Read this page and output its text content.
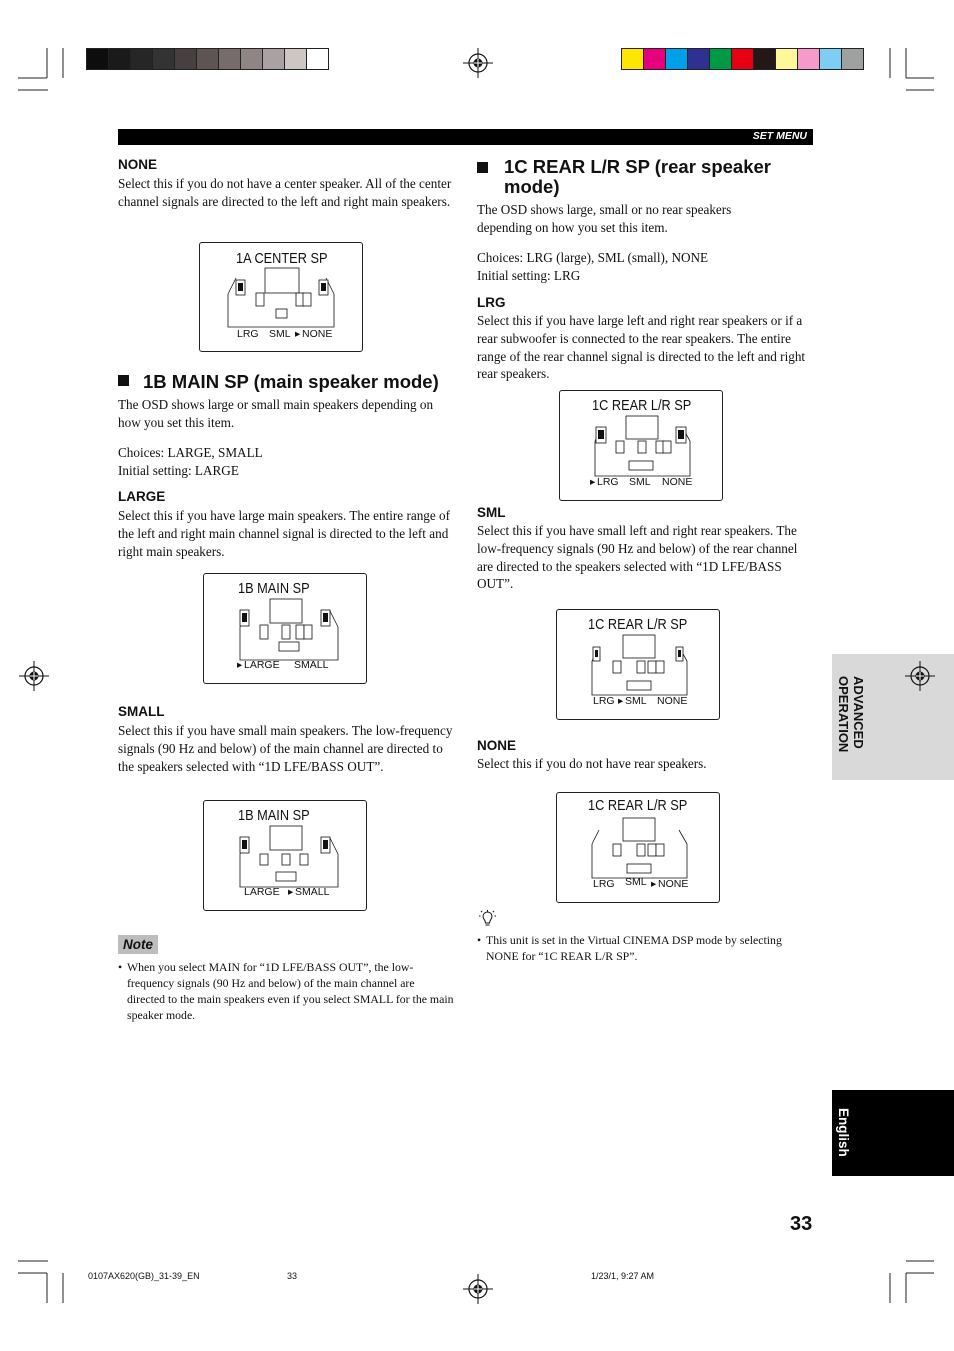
SET MENU
NONE
Select this if you do not have a center speaker. All of the center channel signals are directed to the left and right main speakers.
1A CENTER SP
LRG SML ▸ NONE
1B MAIN SP (main speaker mode)
The OSD shows large or small main speakers depending on how you set this item.
Choices: LARGE, SMALL
Initial setting: LARGE
LARGE
Select this if you have large main speakers. The entire range of the left and right main channel signal is directed to the left and right main speakers.
1B MAIN SP
▸ LARGE SMALL
SMALL
Select this if you have small main speakers. The low-frequency signals (90 Hz and below) of the main channel are directed to the speakers selected with “1D LFE/BASS OUT”.
1B MAIN SP
LARGE ▸ SMALL
Note
• When you select MAIN for “1D LFE/BASS OUT”, the low-frequency signals (90 Hz and below) of the main channel are directed to the main speakers even if you select SMALL for the main speaker mode.
1C REAR L/R SP (rear speaker mode)
The OSD shows large, small or no rear speakers depending on how you set this item.
Choices: LRG (large), SML (small), NONE
Initial setting: LRG
LRG
Select this if you have large left and right rear speakers or if a rear subwoofer is connected to the rear speakers. The entire range of the rear channel signal is directed to the left and right rear speakers.
1C REAR L/R SP
▸ LRG SML NONE
SML
Select this if you have small left and right rear speakers. The low-frequency signals (90 Hz and below) of the rear channel are directed to the speakers selected with “1D LFE/BASS OUT”.
1C REAR L/R SP
LRG ▸ SML NONE
NONE
Select this if you do not have rear speakers.
1C REAR L/R SP
LRG SML ▸ NONE
• This unit is set in the Virtual CINEMA DSP mode by selecting NONE for “1C REAR L/R SP”.
ADVANCED OPERATION
English
33
0107AX620(GB)_31-39_EN	33	1/23/1, 9:27 AM
